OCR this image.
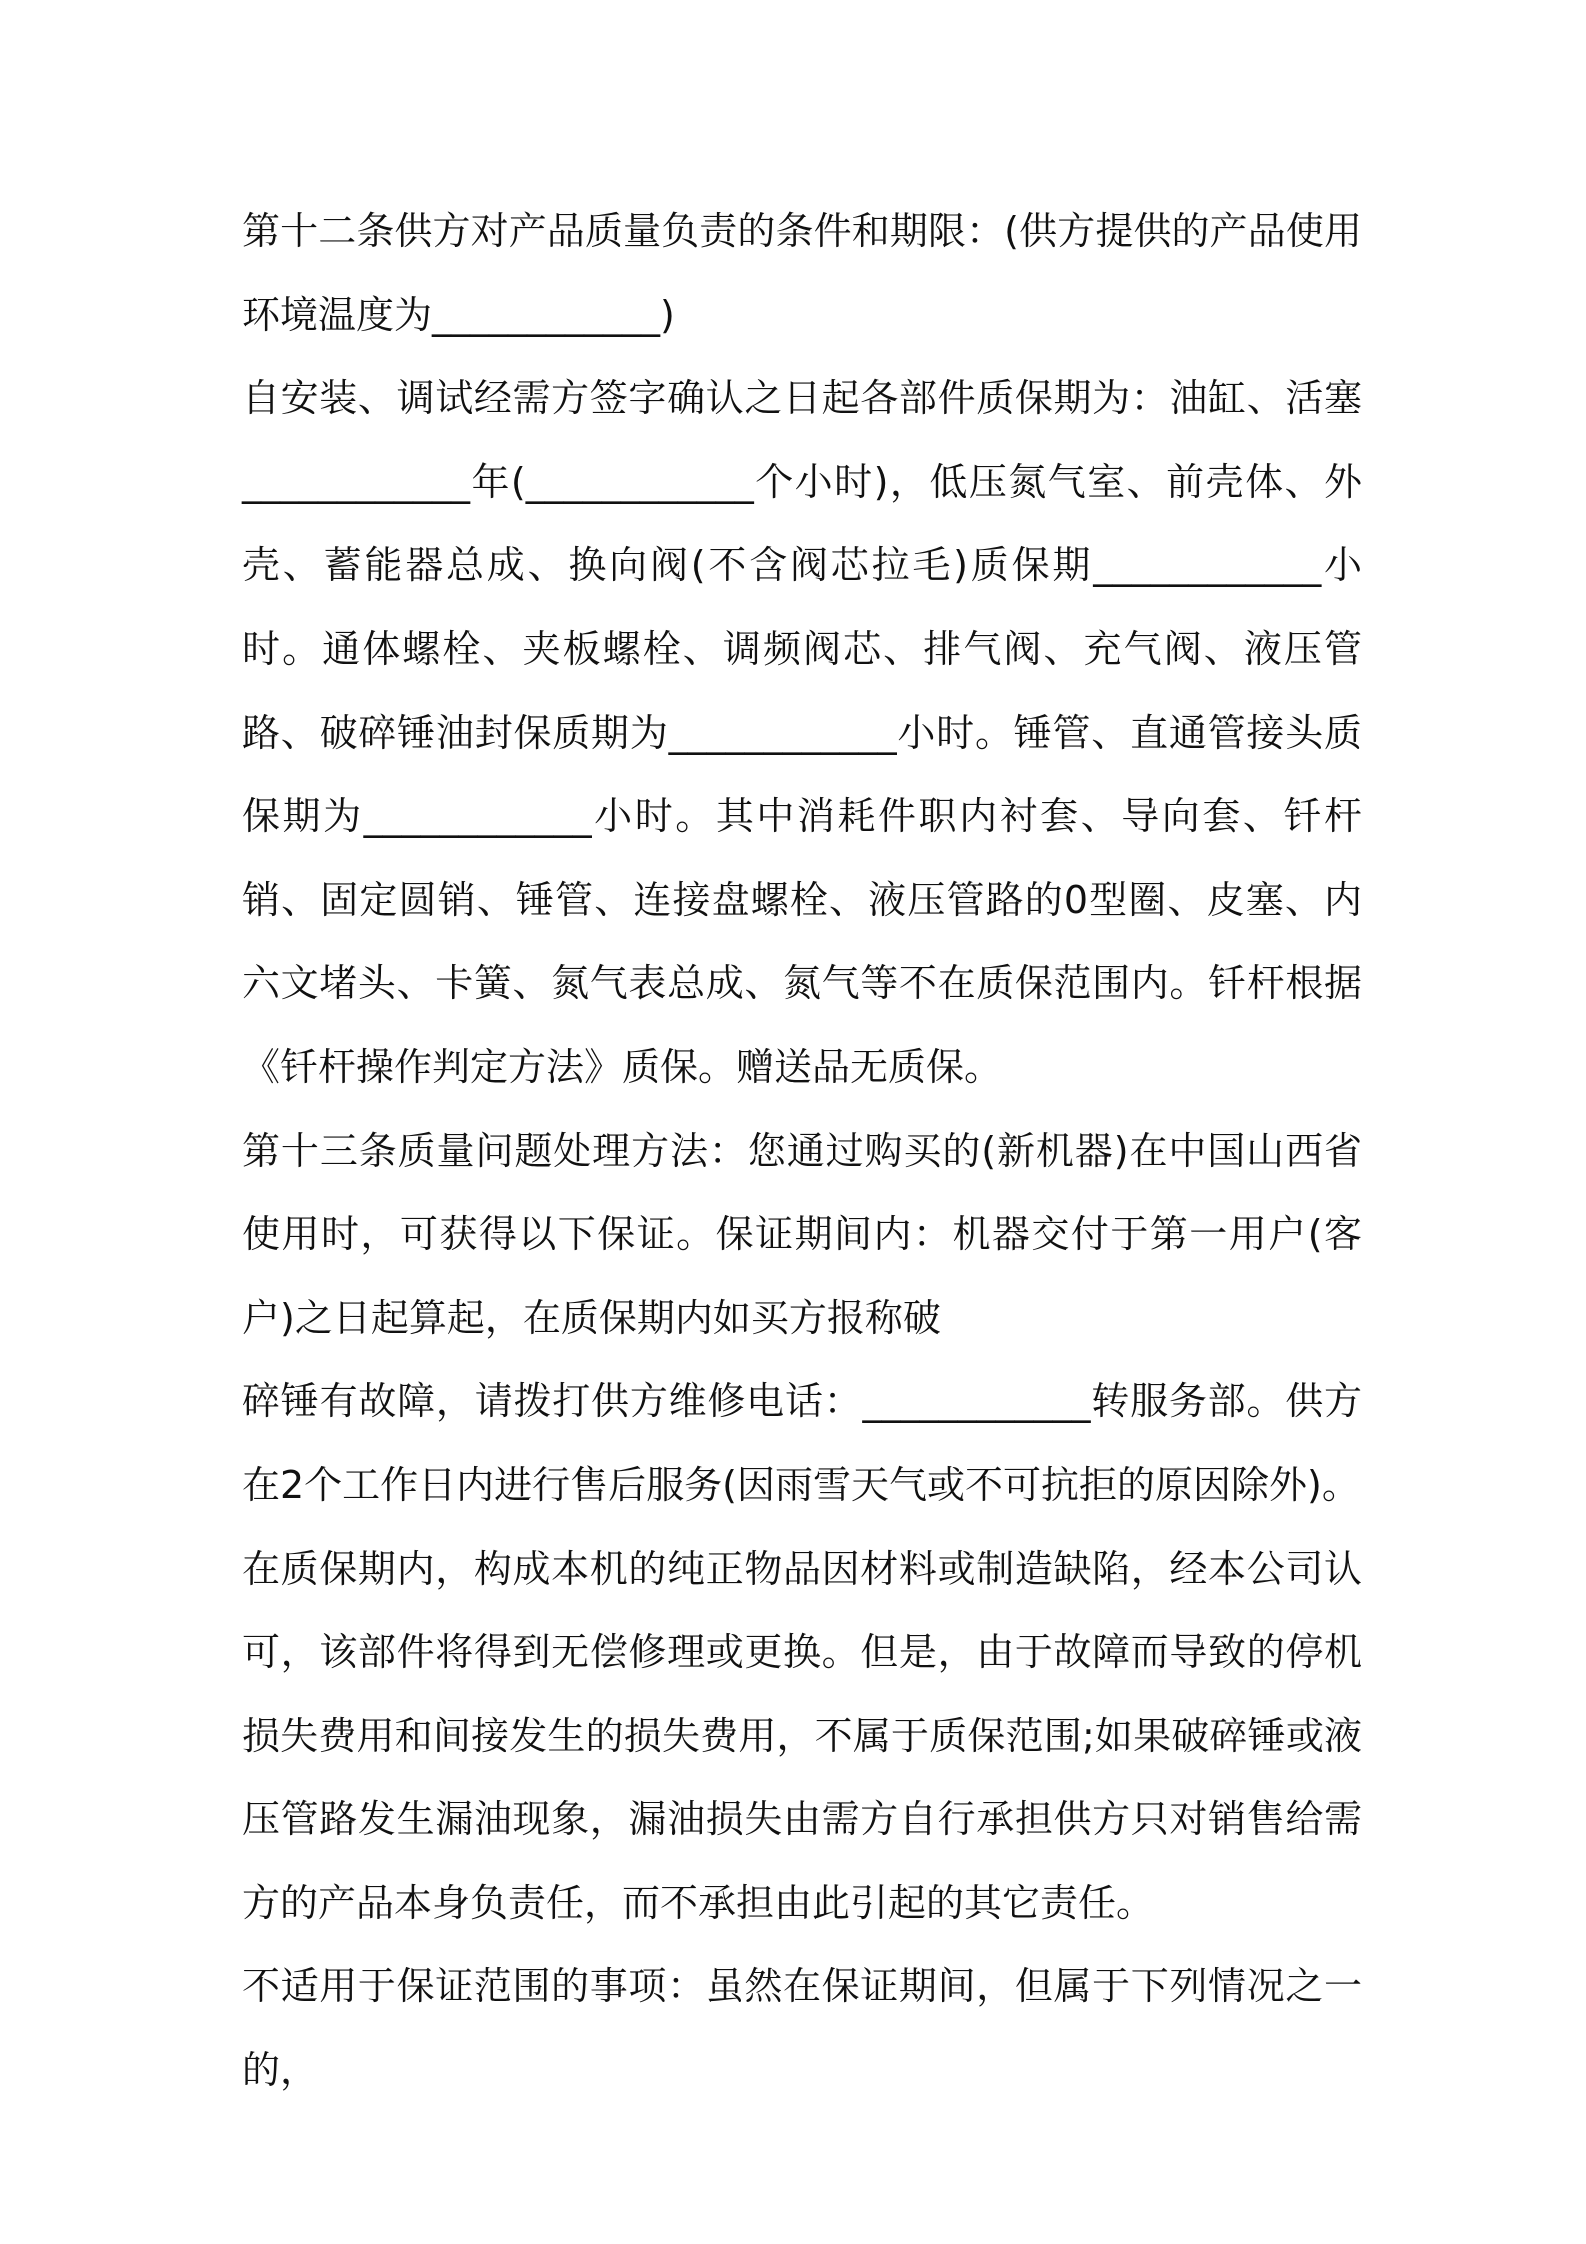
第十二条供方对产品质量负责的条件和期限：(供方提供的产品使用环境温度为____________)

自安装、调试经需方签字确认之日起各部件质保期为：油缸、活塞____________年(____________个小时)，低压氮气室、前壳体、外壳、蓄能器总成、换向阀(不含阀芯拉毛)质保期____________小时。通体螺栓、夹板螺栓、调频阀芯、排气阀、充气阀、液压管路、破碎锤油封保质期为____________小时。锤管、直通管接头质保期为____________小时。其中消耗件职内衬套、导向套、钎杆销、固定圆销、锤管、连接盘螺栓、液压管路的0型圈、皮塞、内六文堵头、卡簧、氮气表总成、氮气等不在质保范围内。钎杆根据《钎杆操作判定方法》质保。赠送品无质保。

第十三条质量问题处理方法：您通过购买的(新机器)在中国山西省使用时，可获得以下保证。保证期间内：机器交付于第一用户(客户)之日起算起，在质保期内如买方报称破

碎锤有故障，请拨打供方维修电话：____________转服务部。供方在2个工作日内进行售后服务(因雨雪天气或不可抗拒的原因除外)。

在质保期内，构成本机的纯正物品因材料或制造缺陷，经本公司认可，该部件将得到无偿修理或更换。但是，由于故障而导致的停机损失费用和间接发生的损失费用，不属于质保范围;如果破碎锤或液压管路发生漏油现象，漏油损失由需方自行承担供方只对销售给需方的产品本身负责任，而不承担由此引起的其它责任。

不适用于保证范围的事项：虽然在保证期间，但属于下列情况之一的，
